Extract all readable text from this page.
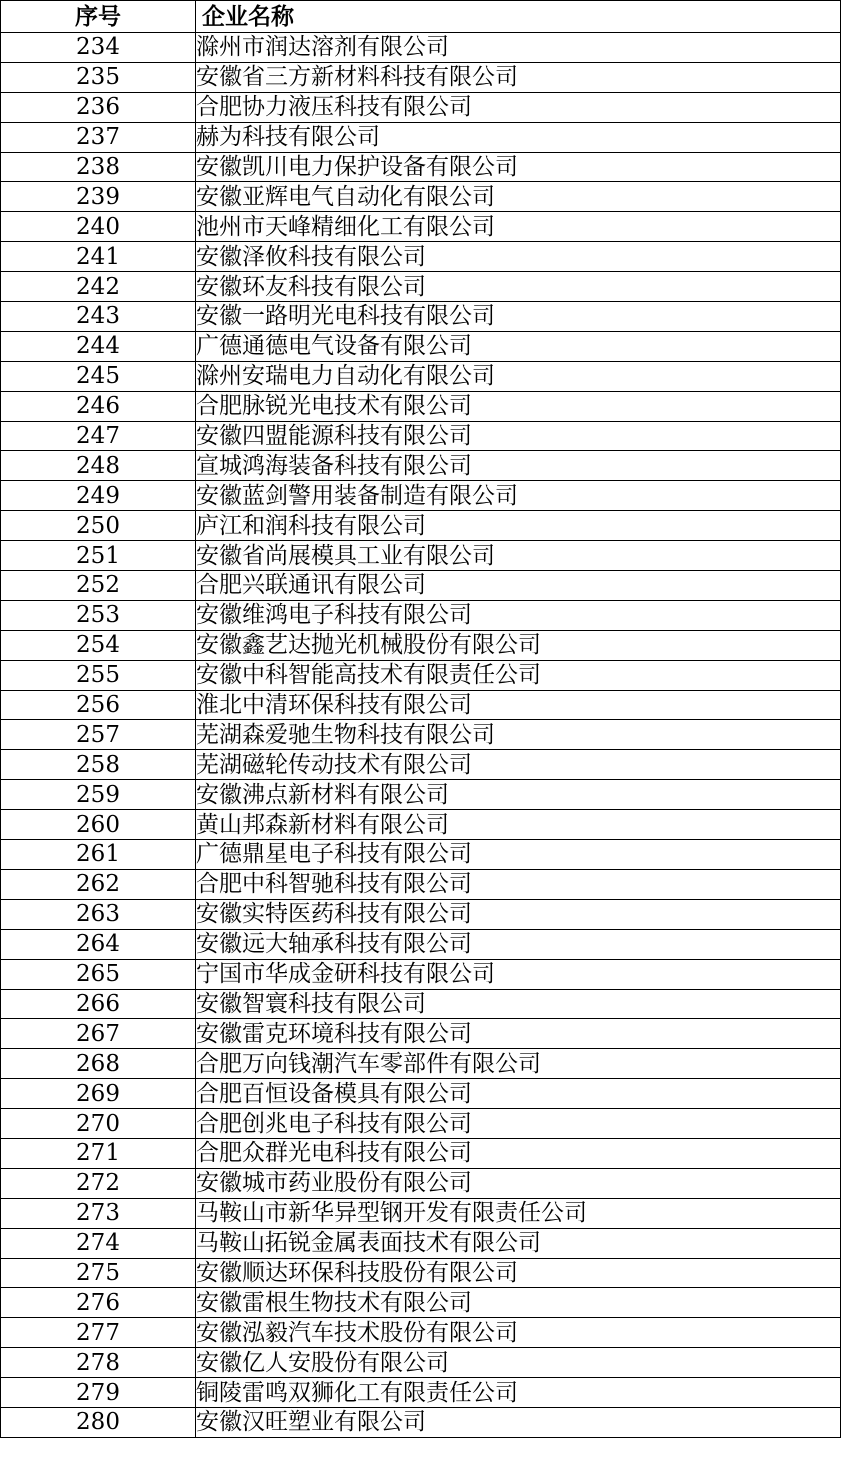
序号	企业名称
234	滁州市润达溶剂有限公司
235	安徽省三方新材料科技有限公司
236	合肥协力液压科技有限公司
237	赫为科技有限公司
238	安徽凯川电力保护设备有限公司
239	安徽亚辉电气自动化有限公司
240	池州市天峰精细化工有限公司
241	安徽泽攸科技有限公司
242	安徽环友科技有限公司
243	安徽一路明光电科技有限公司
244	广德通德电气设备有限公司
245	滁州安瑞电力自动化有限公司
246	合肥脉锐光电技术有限公司
247	安徽四盟能源科技有限公司
248	宣城鸿海装备科技有限公司
249	安徽蓝剑警用装备制造有限公司
250	庐江和润科技有限公司
251	安徽省尚展模具工业有限公司
252	合肥兴联通讯有限公司
253	安徽维鸿电子科技有限公司
254	安徽鑫艺达抛光机械股份有限公司
255	安徽中科智能高技术有限责任公司
256	淮北中清环保科技有限公司
257	芜湖森爱驰生物科技有限公司
258	芜湖磁轮传动技术有限公司
259	安徽沸点新材料有限公司
260	黄山邦森新材料有限公司
261	广德鼎星电子科技有限公司
262	合肥中科智驰科技有限公司
263	安徽实特医药科技有限公司
264	安徽远大轴承科技有限公司
265	宁国市华成金研科技有限公司
266	安徽智寰科技有限公司
267	安徽雷克环境科技有限公司
268	合肥万向钱潮汽车零部件有限公司
269	合肥百恒设备模具有限公司
270	合肥创兆电子科技有限公司
271	合肥众群光电科技有限公司
272	安徽城市药业股份有限公司
273	马鞍山市新华异型钢开发有限责任公司
274	马鞍山拓锐金属表面技术有限公司
275	安徽顺达环保科技股份有限公司
276	安徽雷根生物技术有限公司
277	安徽泓毅汽车技术股份有限公司
278	安徽亿人安股份有限公司
279	铜陵雷鸣双狮化工有限责任公司
280	安徽汉旺塑业有限公司
